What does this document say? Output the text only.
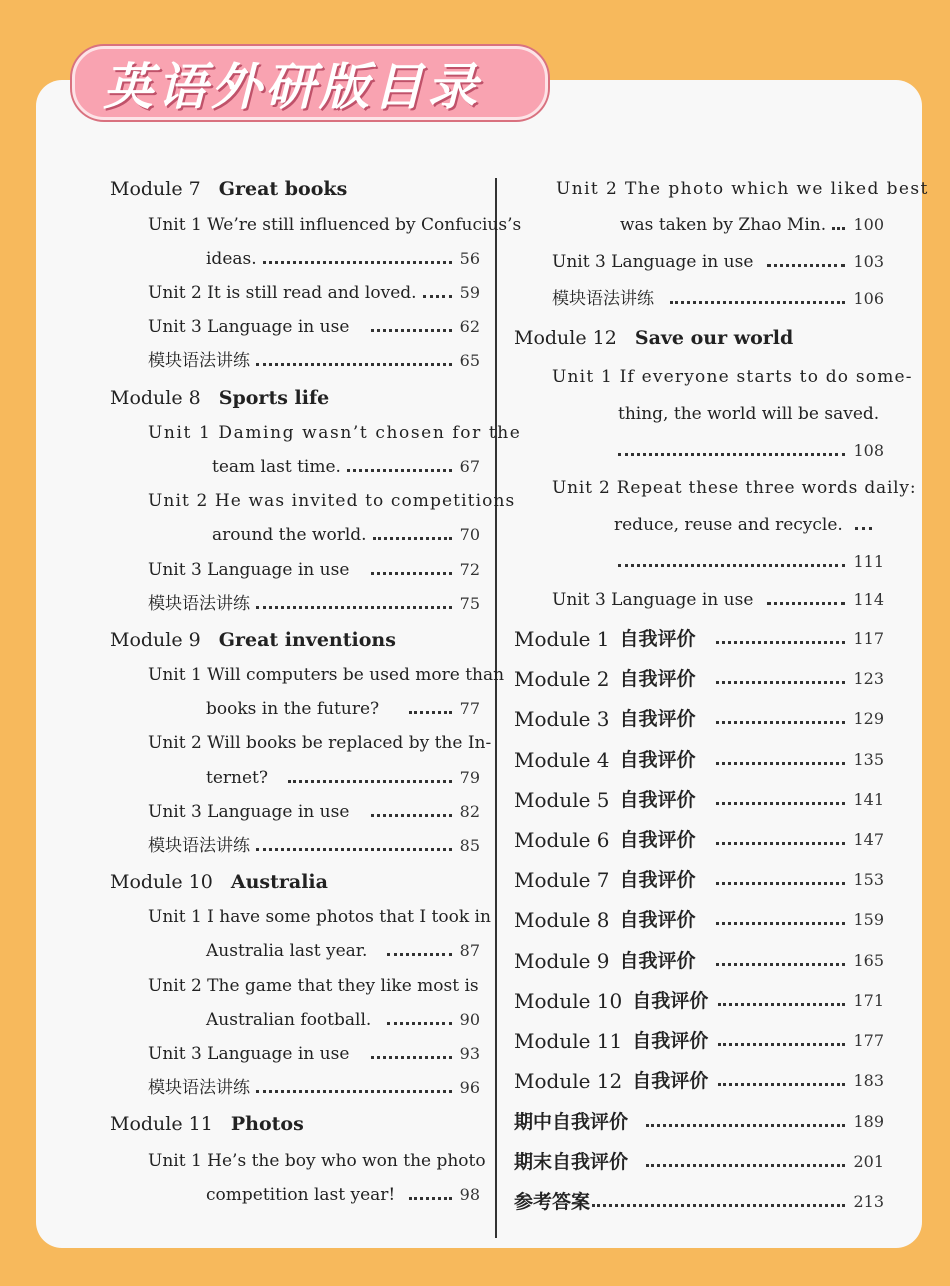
英语外研版目录
Module 7 Great books
Unit 1 We’re still influenced by Confucius’s
ideas.	56
Unit 2 It is still read and loved.	59
Unit 3 Language in use	62
模块语法讲练	65
Module 8 Sports life
Unit 1 Daming wasn’t chosen for the
team last time.	67
Unit 2 He was invited to competitions
around the world.	70
Unit 3 Language in use	72
模块语法讲练	75
Module 9 Great inventions
Unit 1 Will computers be used more than
books in the future?	77
Unit 2 Will books be replaced by the In-
ternet?	79
Unit 3 Language in use	82
模块语法讲练	85
Module 10 Australia
Unit 1 I have some photos that I took in
Australia last year.	87
Unit 2 The game that they like most is
Australian football.	90
Unit 3 Language in use	93
模块语法讲练	96
Module 11 Photos
Unit 1 He’s the boy who won the photo
competition last year!	98
Unit 2 The photo which we liked best
was taken by Zhao Min. 100
Unit 3 Language in use	103
模块语法讲练	106
Module 12 Save our world
Unit 1 If everyone starts to do some-
thing, the world will be saved.
108
Unit 2 Repeat these three words daily:
reduce, reuse and recycle.
111
Unit 3 Language in use	114
Module 1 自我评价	117
Module 2 自我评价	123
Module 3 自我评价	129
Module 4 自我评价	135
Module 5 自我评价	141
Module 6 自我评价	147
Module 7 自我评价	153
Module 8 自我评价	159
Module 9 自我评价	165
Module 10 自我评价	171
Module 11 自我评价	177
Module 12 自我评价	183
期中自我评价	189
期末自我评价	201
参考答案	213
